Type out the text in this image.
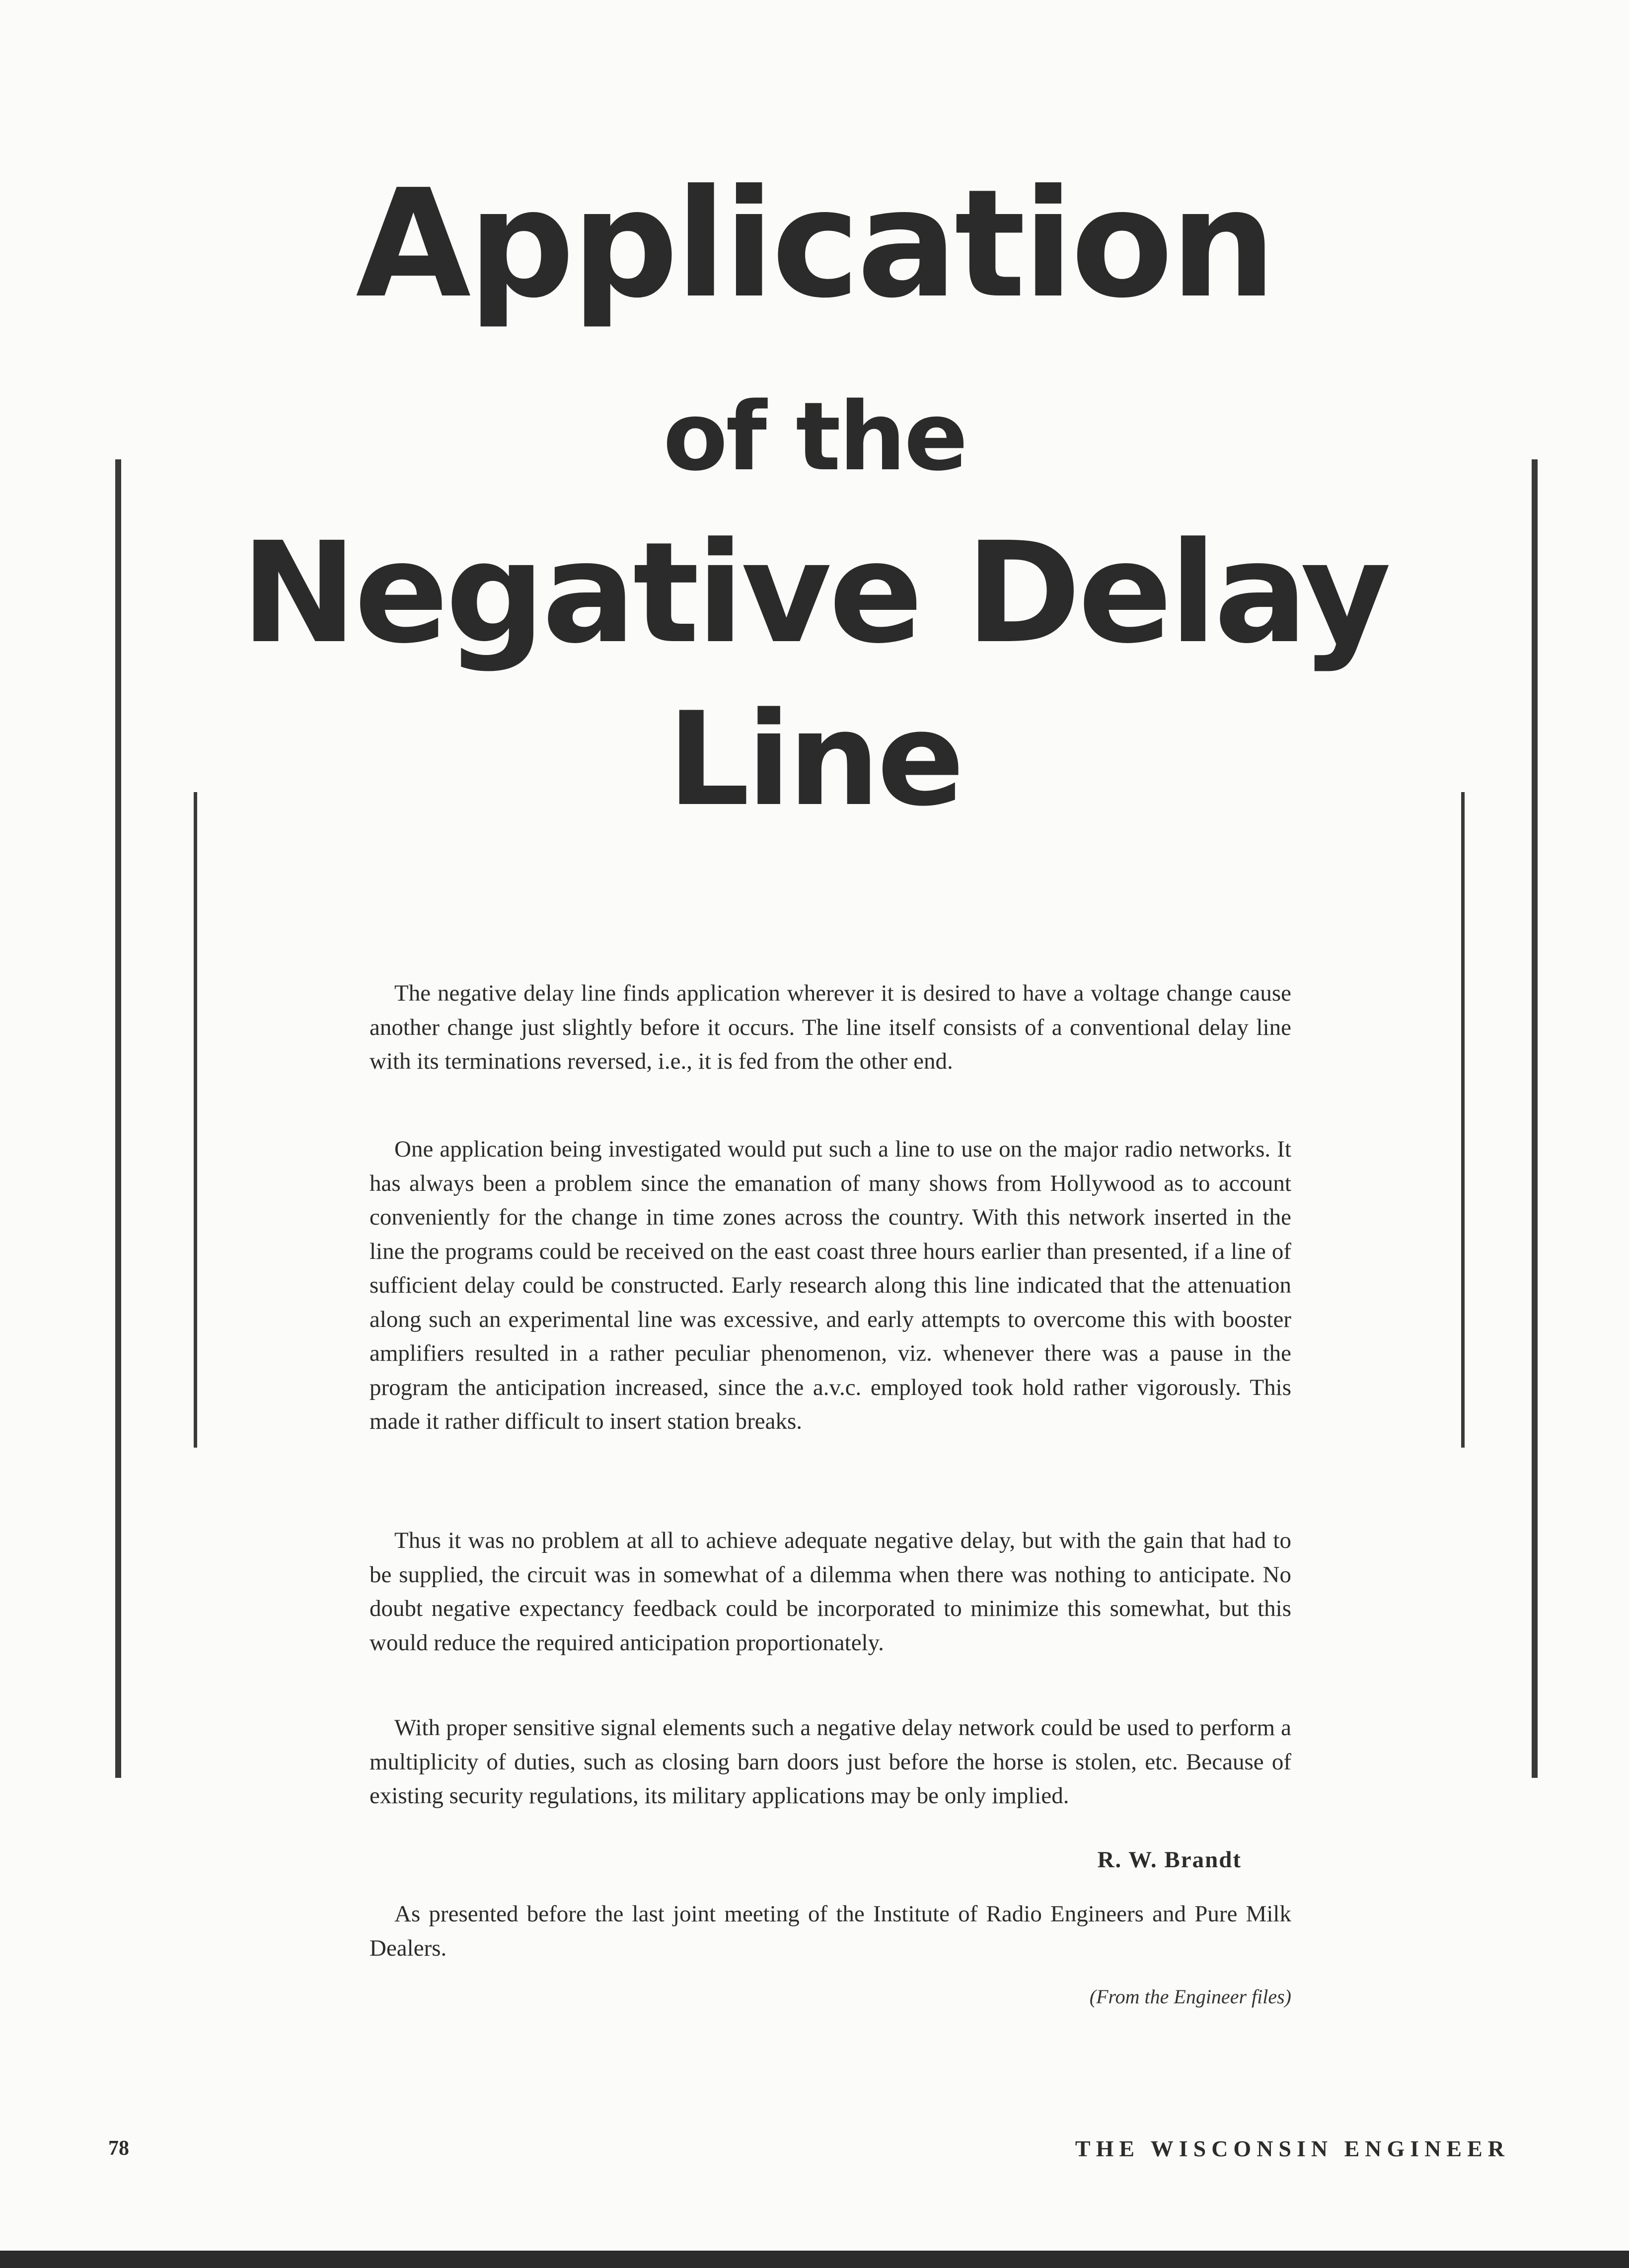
Application
of the
Negative Delay
Line

The negative delay line finds application wherever it is desired to have a voltage change cause another change just slightly before it occurs. The line itself consists of a conventional delay line with its terminations reversed, i.e., it is fed from the other end.

One application being investigated would put such a line to use on the major radio networks. It has always been a problem since the emanation of many shows from Hollywood as to account conveniently for the change in time zones across the country. With this network inserted in the line the programs could be received on the east coast three hours earlier than presented, if a line of sufficient delay could be constructed. Early research along this line indicated that the attenuation along such an experimental line was excessive, and early attempts to overcome this with booster amplifiers resulted in a rather peculiar phenomenon, viz. whenever there was a pause in the program the anticipation increased, since the a.v.c. employed took hold rather vigorously. This made it rather difficult to insert station breaks.

Thus it was no problem at all to achieve adequate negative delay, but with the gain that had to be supplied, the circuit was in somewhat of a dilemma when there was nothing to anticipate. No doubt negative expectancy feedback could be incorporated to minimize this somewhat, but this would reduce the required anticipation proportionately.

With proper sensitive signal elements such a negative delay network could be used to perform a multiplicity of duties, such as closing barn doors just before the horse is stolen, etc. Because of existing security regulations, its military applications may be only implied.

R. W. Brandt

As presented before the last joint meeting of the Institute of Radio Engineers and Pure Milk Dealers.

(From the Engineer files)
78	THE WISCONSIN ENGINEER
